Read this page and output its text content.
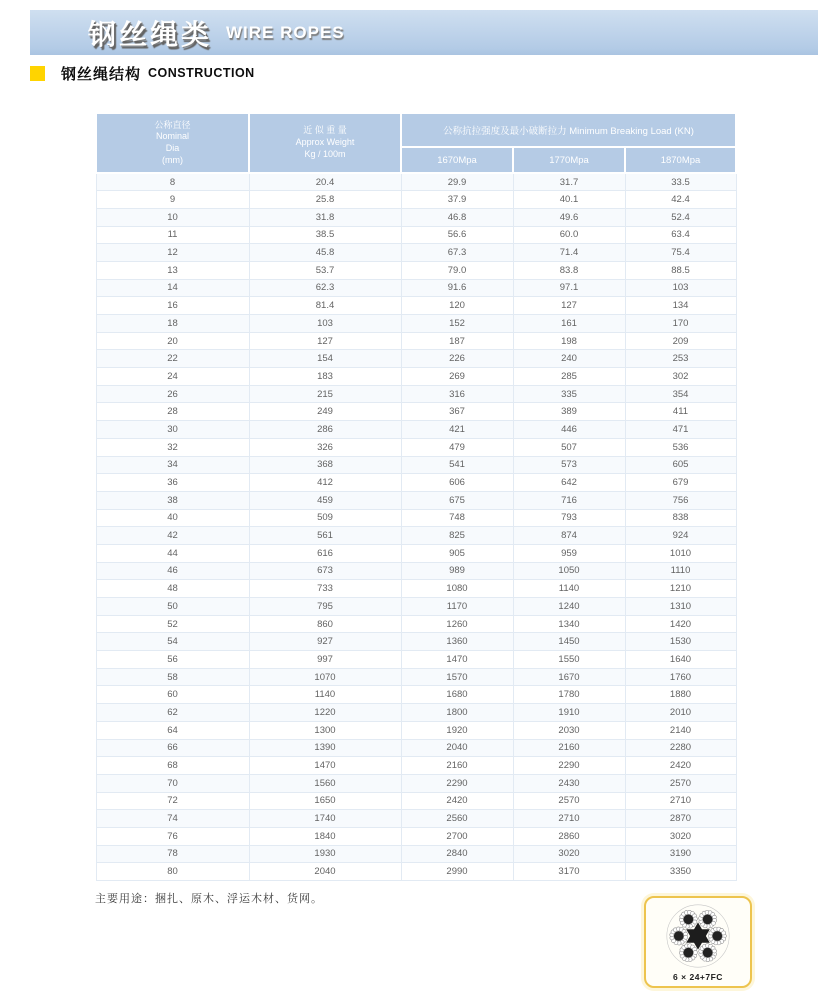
钢丝绳类 WIRE ROPES
钢丝绳结构 CONSTRUCTION
公称直径
Nominal
Dia
(mm)

近 似 重 量
Approx Weight
Kg / 100m
	公称抗拉强度及最小破断拉力 Minimum Breaking Load (KN)
		1670Mpa	1770Mpa	1870Mpa
8	20.4	29.9	31.7	33.5
9	25.8	37.9	40.1	42.4
10	31.8	46.8	49.6	52.4
11	38.5	56.6	60.0	63.4
12	45.8	67.3	71.4	75.4
13	53.7	79.0	83.8	88.5
14	62.3	91.6	97.1	103
16	81.4	120	127	134
18	103	152	161	170
20	127	187	198	209
22	154	226	240	253
24	183	269	285	302
26	215	316	335	354
28	249	367	389	411
30	286	421	446	471
32	326	479	507	536
34	368	541	573	605
36	412	606	642	679
38	459	675	716	756
40	509	748	793	838
42	561	825	874	924
44	616	905	959	1010
46	673	989	1050	1110
48	733	1080	1140	1210
50	795	1170	1240	1310
52	860	1260	1340	1420
54	927	1360	1450	1530
56	997	1470	1550	1640
58	1070	1570	1670	1760
60	1140	1680	1780	1880
62	1220	1800	1910	2010
64	1300	1920	2030	2140
66	1390	2040	2160	2280
68	1470	2160	2290	2420
70	1560	2290	2430	2570
72	1650	2420	2570	2710
74	1740	2560	2710	2870
76	1840	2700	2860	3020
78	1930	2840	3020	3190
80	2040	2990	3170	3350
主要用途：捆扎、原木、浮运木材、货网。
6 × 24+7FC
